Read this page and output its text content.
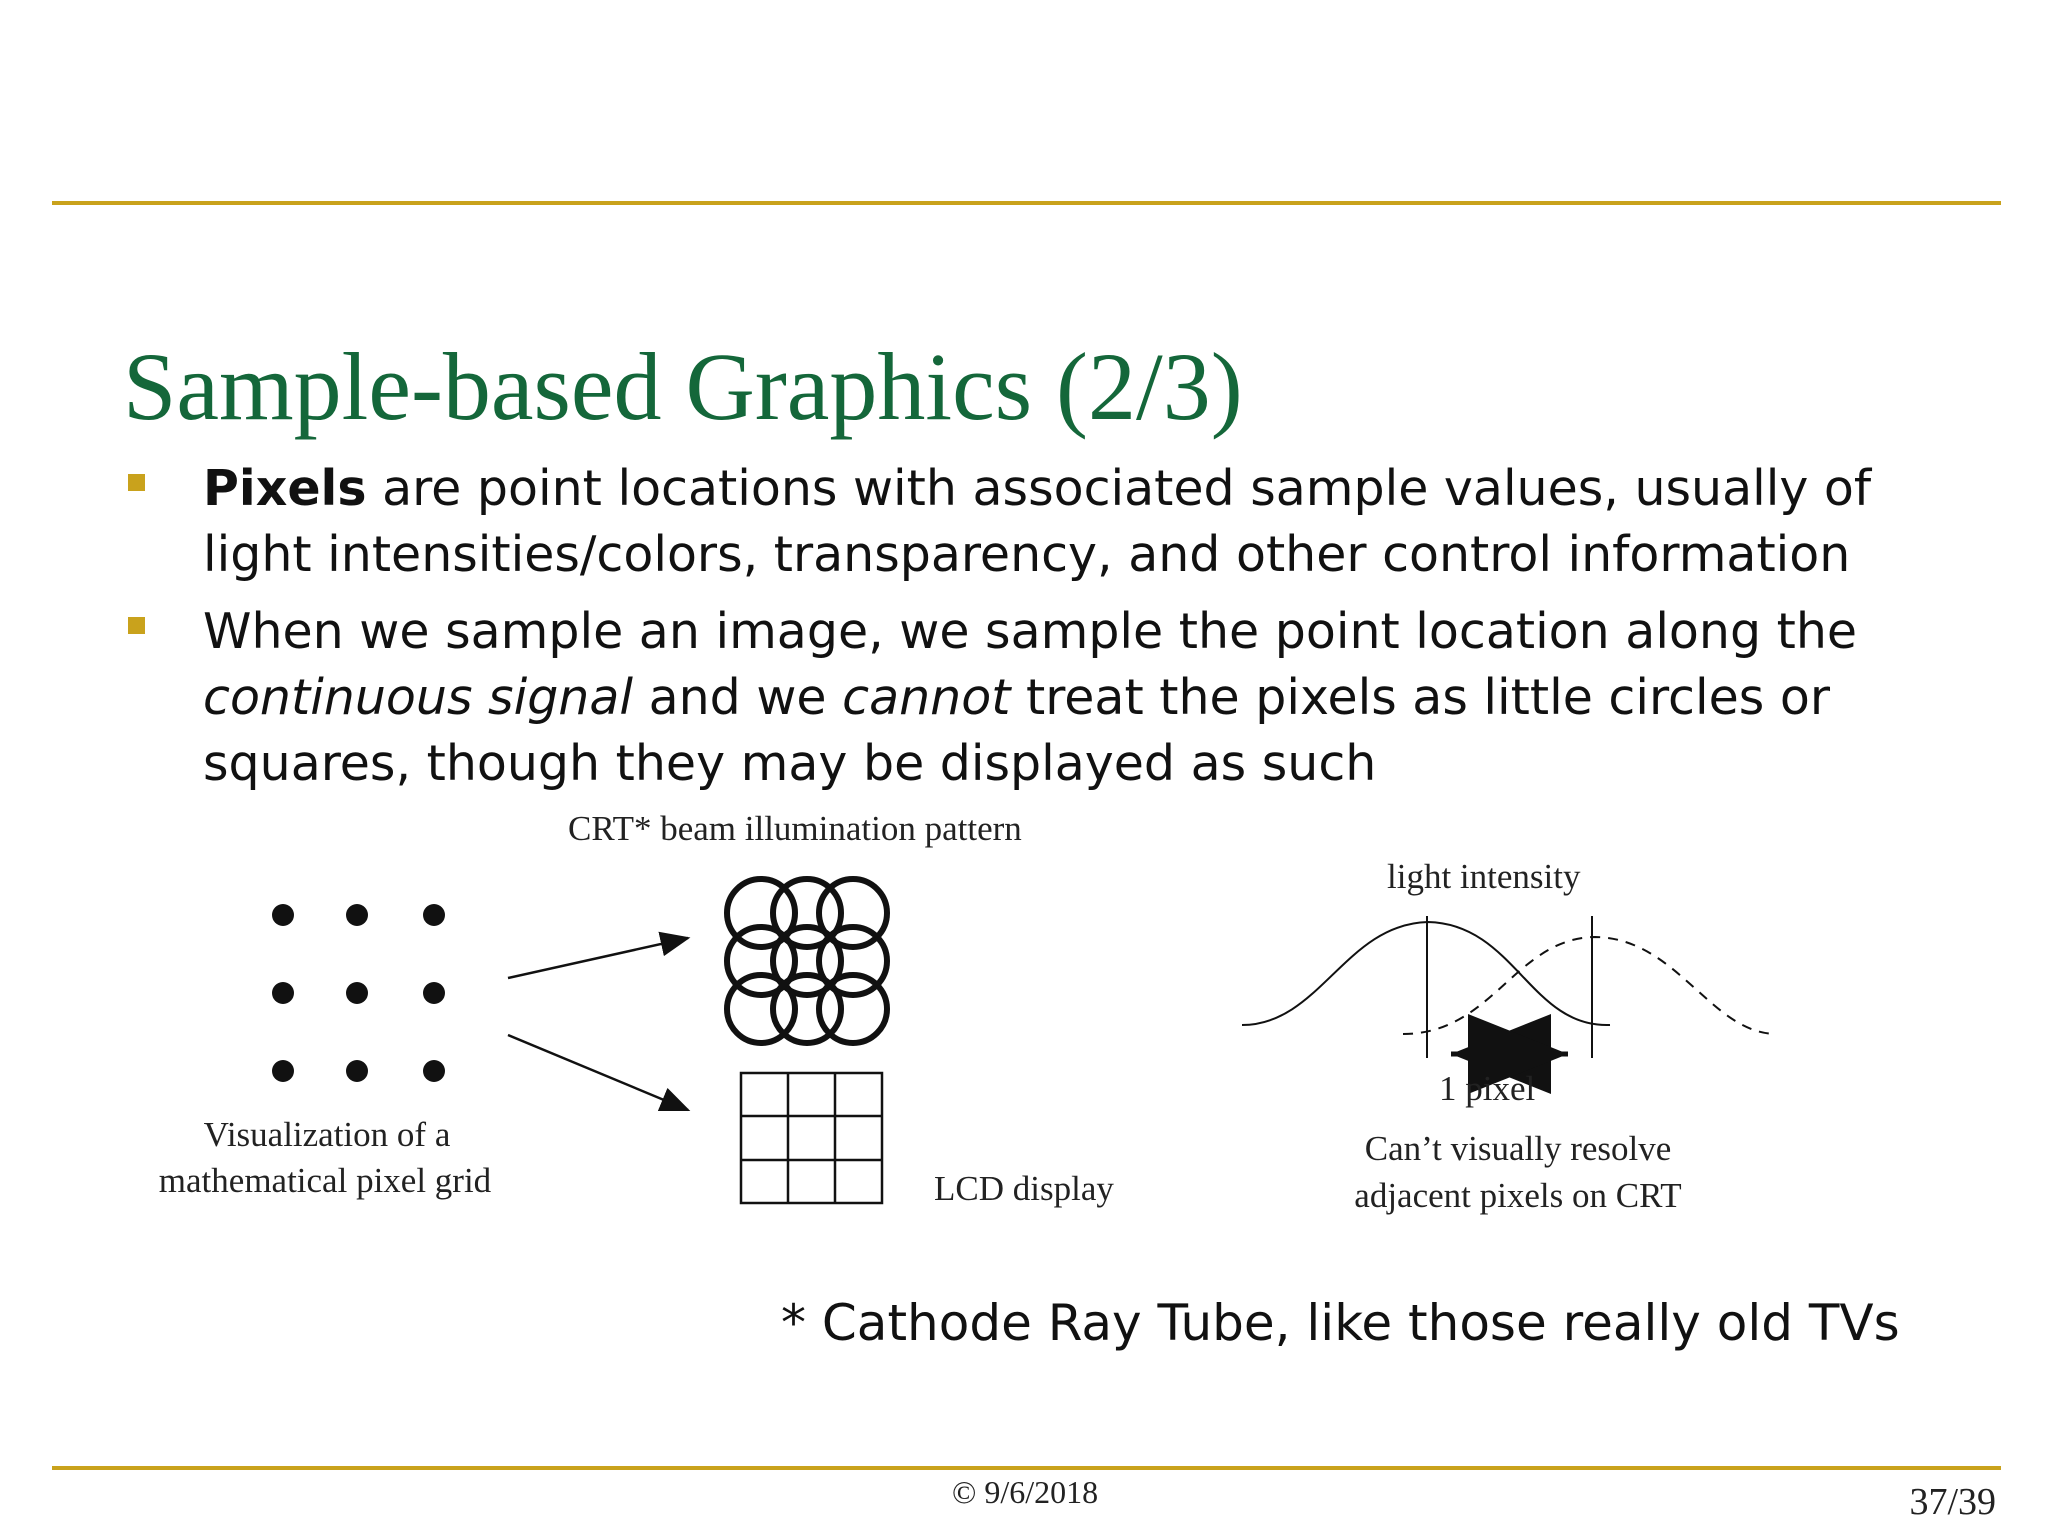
Sample-based Graphics (2/3)
Pixels are point locations with associated sample values, usually of light intensities/colors, transparency, and other control information
When we sample an image, we sample the point location along the continuous signal and we cannot treat the pixels as little circles or squares, though they may be displayed as such
CRT* beam illumination pattern
Visualization of a
mathematical pixel grid	LCD display
light intensity
1 pixel
Can’t visually resolve
adjacent pixels on CRT
* Cathode Ray Tube, like those really old TVs
© 9/6/2018	37/39
